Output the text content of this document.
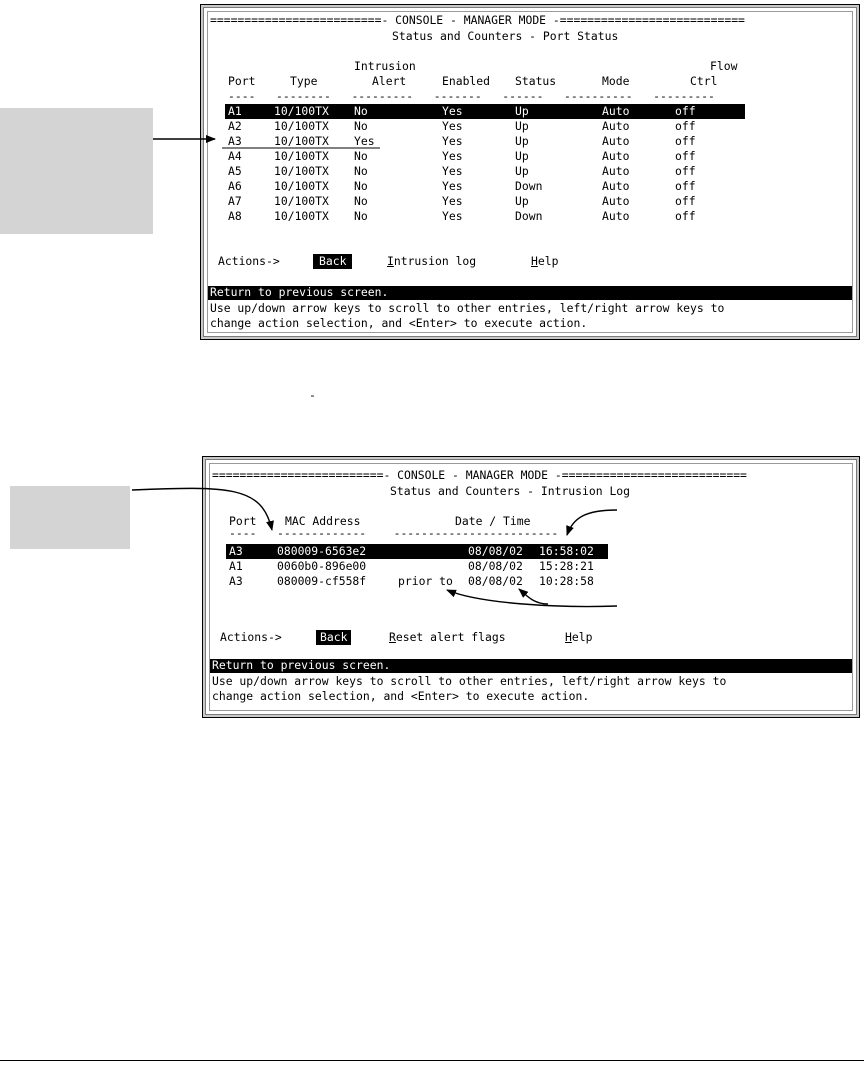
=========================- CONSOLE - MANAGER MODE -===========================
Status and Counters - Port Status
Intrusion	Flow
Port	Type	Alert	Enabled Status	Mode	Ctrl
----   --------   ---------   -------   ------   ----------   ---------
A1	10/100TX No	Yes	Up	Auto	off
A2	10/100TX No	Yes	Up	Auto	off
A3	10/100TX Yes	Yes	Up	Auto	off
A4	10/100TX No	Yes	Up	Auto	off
A5	10/100TX No	Yes	Up	Auto	off
A6	10/100TX No	Yes	Down	Auto	off
A7	10/100TX No	Yes	Up	Auto	off
A8	10/100TX No	Yes	Down	Auto	off
Actions->	Back	Intrusion log	Help
Return to previous screen.
Use up/down arrow keys to scroll to other entries, left/right arrow keys to
change action selection, and <Enter> to execute action.
-
=========================- CONSOLE - MANAGER MODE -===========================
Status and Counters - Intrusion Log
Port	MAC Address	Date / Time
----   -------------    ------------------------
A3	080009-6563e2	08/08/02 16:58:02
A1	0060b0-896e00	08/08/02 15:28:21
A3	080009-cf558f	prior to 08/08/02 10:28:58
Actions->	Back	Reset alert flags	Help
Return to previous screen.
Use up/down arrow keys to scroll to other entries, left/right arrow keys to
change action selection, and <Enter> to execute action.
